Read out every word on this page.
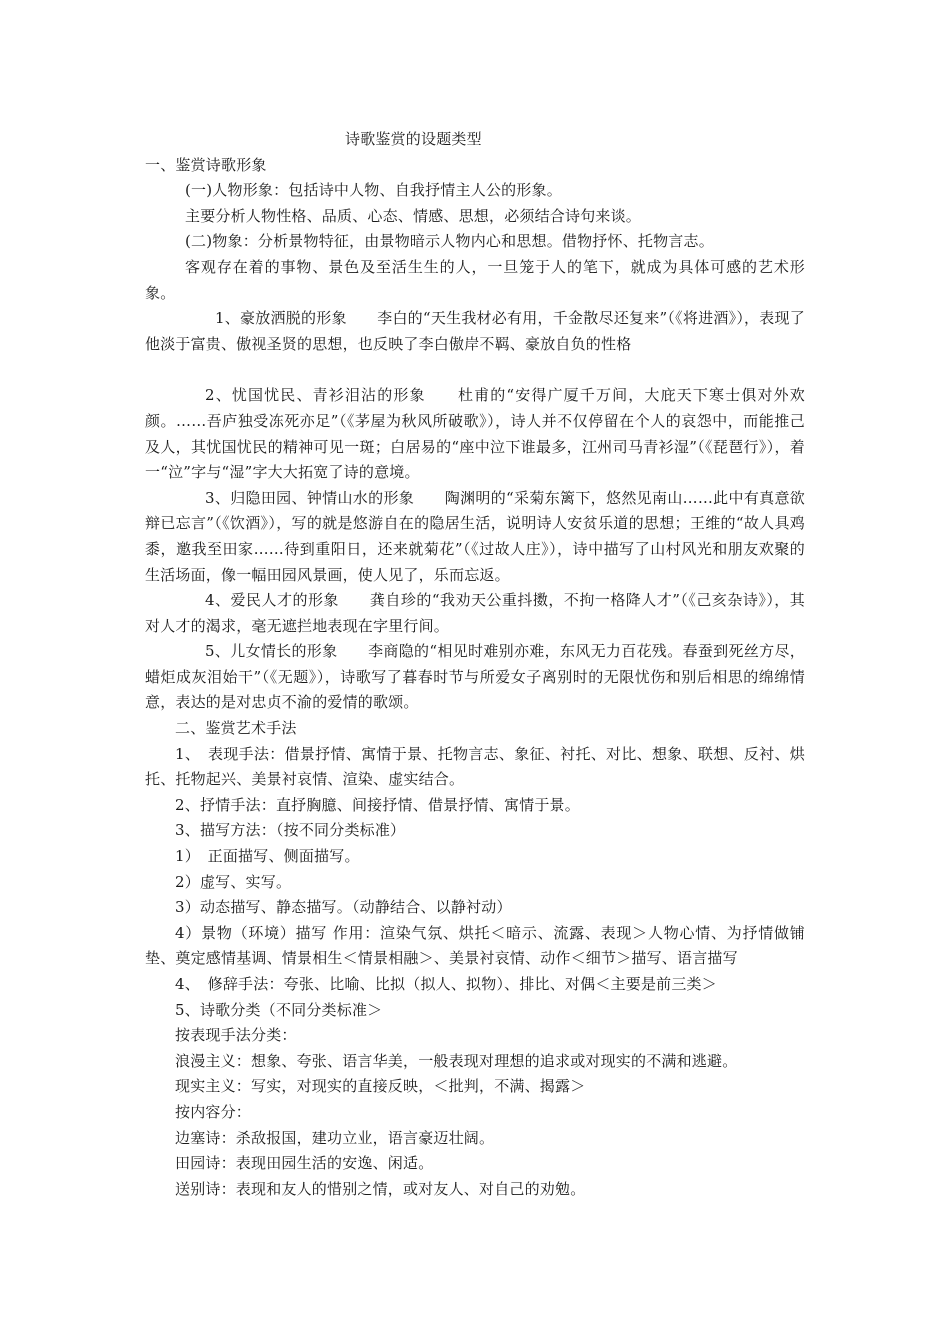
诗歌鉴赏的设题类型

一、鉴赏诗歌形象

(一)人物形象：包括诗中人物、自我抒情主人公的形象。

主要分析人物性格、品质、心态、情感、思想，必须结合诗句来谈。

(二)物象：分析景物特征，由景物暗示人物内心和思想。借物抒怀、托物言志。

客观存在着的事物、景色及至活生生的人，一旦笼于人的笔下，就成为具体可感的艺术形象。

1、豪放洒脱的形象　　李白的“天生我材必有用，千金散尽还复来”（《将进酒》），表现了他淡于富贵、傲视圣贤的思想，也反映了李白傲岸不羁、豪放自负的性格

2、忧国忧民、青衫泪沾的形象　　杜甫的“安得广厦千万间，大庇天下寒士俱对外欢颜。……吾庐独受冻死亦足”（《茅屋为秋风所破歌》），诗人并不仅停留在个人的哀怨中，而能推己及人，其忧国忧民的精神可见一斑；白居易的“座中泣下谁最多，江州司马青衫湿”（《琵琶行》），着一“泣”字与“湿”字大大拓宽了诗的意境。

3、归隐田园、钟情山水的形象　　陶渊明的“采菊东篱下，悠然见南山……此中有真意欲辩已忘言”（《饮酒》），写的就是悠游自在的隐居生活，说明诗人安贫乐道的思想；王维的“故人具鸡黍，邀我至田家……待到重阳日，还来就菊花”（《过故人庄》），诗中描写了山村风光和朋友欢聚的生活场面，像一幅田园风景画，使人见了，乐而忘返。

4、爱民人才的形象　　龚自珍的“我劝天公重抖擞，不拘一格降人才”（《己亥杂诗》），其对人才的渴求，毫无遮拦地表现在字里行间。

5、儿女情长的形象　　李商隐的“相见时难别亦难，东风无力百花残。春蚕到死丝方尽，蜡炬成灰泪始干”（《无题》），诗歌写了暮春时节与所爱女子离别时的无限忧伤和别后相思的绵绵情意，表达的是对忠贞不渝的爱情的歌颂。

二、鉴赏艺术手法

1、　表现手法：借景抒情、寓情于景、托物言志、象征、衬托、对比、想象、联想、反衬、烘托、托物起兴、美景衬哀情、渲染、虚实结合。

2、抒情手法：直抒胸臆、间接抒情、借景抒情、寓情于景。

3、描写方法：（按不同分类标准）

1）　正面描写、侧面描写。

2）虚写、实写。

3）动态描写、静态描写。（动静结合、以静衬动）

4）景物（环境）描写 作用：渲染气氛、烘托＜暗示、流露、表现＞人物心情、为抒情做铺垫、奠定感情基调、情景相生＜情景相融＞、美景衬哀情、动作＜细节＞描写、语言描写

4、　修辞手法：夸张、比喻、比拟（拟人、拟物）、排比、对偶＜主要是前三类＞

5、诗歌分类（不同分类标准＞

按表现手法分类：

浪漫主义：想象、夸张、语言华美，一般表现对理想的追求或对现实的不满和逃避。

现实主义：写实，对现实的直接反映，＜批判，不满、揭露＞

按内容分：

边塞诗：杀敌报国，建功立业，语言豪迈壮阔。

田园诗：表现田园生活的安逸、闲适。

送别诗：表现和友人的惜别之情，或对友人、对自己的劝勉。
